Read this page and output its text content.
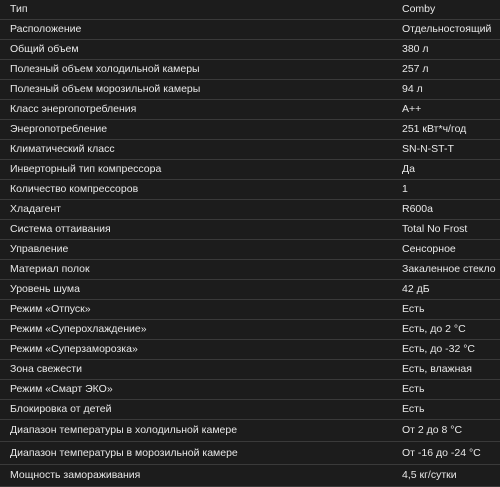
Тип	Comby
Расположение	Отдельностоящий
Общий объем	380 л
Полезный объем холодильной камеры	257 л
Полезный объем морозильной камеры	94 л
Класс энергопотребления	А++
Энергопотребление	251 кВт*ч/год
Климатический класс	SN-N-ST-T
Инверторный тип компрессора	Да
Количество компрессоров	1
Хладагент	R600a
Система оттаивания	Total No Frost
Управление	Сенсорное
Материал полок	Закаленное стекло
Уровень шума	42 дБ
Режим «Отпуск»	Есть
Режим «Суперохлаждение»	Есть, до 2 °С
Режим «Суперзаморозка»	Есть, до -32 °С
Зона свежести	Есть, влажная
Режим «Смарт ЭКО»	Есть
Блокировка от детей	Есть
Диапазон температуры в холодильной камере	От 2 до 8 °С
Диапазон температуры в морозильной камере	От -16 до -24 °С
Мощность замораживания	4,5 кг/сутки
